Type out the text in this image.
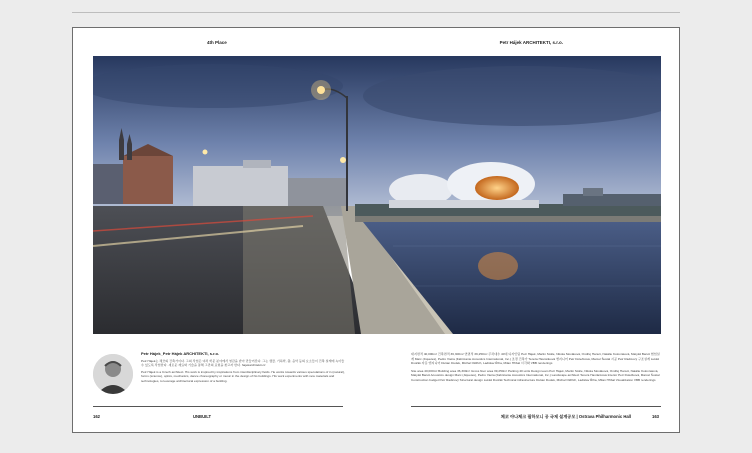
4th Place	Petr Hájek ARCHITEKTI, s.r.o.
Petr Hájek_Petr Hájek ARCHITEKTI, s.r.o.
Petr Hájek는 체코의 건축가이다. 그의 작업은 여러 학문 분야에서 영감을 받아 만들어진다. 그는 생물, 기하학, 춤, 음악 등의 요소들이 건축 설계에 녹아들 수 있도록 작업한다. 새로운 재료와 기술을 통해 그만의 표현을 찾고자 한다. hajekarchitekti.cz
Petr Hájek is a Czech architect. His work is inspired by inspirations from interdisciplinary fields. He works towards various speculations of in (natural), forms (science), optics, mechanics, dance choreography or music in the design of his buildings. His work experiments with new materials and technologies, to leverage architectural expression of a building.
대지면적 40,000m² 건축면적 36,300m² 연면적 39,250m² 주차대수 40대 디자인팀 Petr Hájek, Martin Stolle, Nikola Slováková, Ondřej Hanuš, Natálie Kolovratová, Matyáš Baruš 협업설계 Marc (Jiquetes), Pedro Vieira (Fabricante Acoustics International, Inc.) 조경 건축가 Tereza Havránková 엔지니어 Petr Dolečková, Marcel Šustal 시공 Petr Radicový 구조설계 Lukáš Dvořák 자문 엔지니어 Dušan Dudek, Michal Oldřich, Ladislav Říha, Milan Hříbal 시각화 VBB renderings
Site area 40,000m² Building area 36,300m² Gross floor area 39,250m² Parking 40 units Design team Petr Hájek, Martin Stolle, Nikola Slováková, Ondřej Hanuš, Natálie Kolovratová, Matyáš Baruš Acoustics design Marc (Jiquetes), Pedro Vieira (Fabricante Acoustics International, Inc.) Landscape architect Tereza Havránková Interior Petr Dolečková, Marcel Šustal Construction budget Petr Radicový Structural design Lukáš Dvořák Technical infrastructure Dušan Dudek, Michal Oldřich, Ladislav Říha, Milan Hříbal Visualization VBB renderings
162	UNBUILT	체코 야나체크 필하모니 공 국제 설계공모 | Ostrava Philharmonic Hall	163
